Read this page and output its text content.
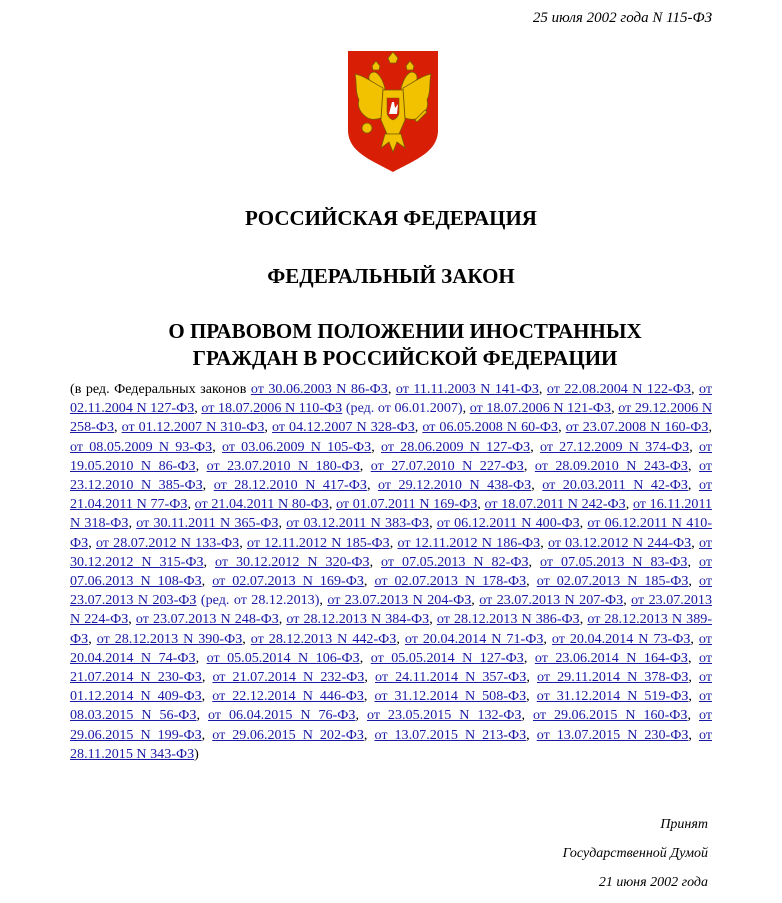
25 июля 2002 года N 115-ФЗ
РОССИЙСКАЯ ФЕДЕРАЦИЯ
ФЕДЕРАЛЬНЫЙ ЗАКОН
О ПРАВОВОМ ПОЛОЖЕНИИ ИНОСТРАННЫХ
ГРАЖДАН В РОССИЙСКОЙ ФЕДЕРАЦИИ
(в ред. Федеральных законов от 30.06.2003 N 86-ФЗ, от 11.11.2003 N 141-ФЗ, от 22.08.2004 N 122-ФЗ, от 02.11.2004 N 127-ФЗ, от 18.07.2006 N 110-ФЗ (ред. от 06.01.2007), от 18.07.2006 N 121-ФЗ, от 29.12.2006 N 258-ФЗ, от 01.12.2007 N 310-ФЗ, от 04.12.2007 N 328-ФЗ, от 06.05.2008 N 60-ФЗ, от 23.07.2008 N 160-ФЗ, от 08.05.2009 N 93-ФЗ, от 03.06.2009 N 105-ФЗ, от 28.06.2009 N 127-ФЗ, от 27.12.2009 N 374-ФЗ, от 19.05.2010 N 86-ФЗ, от 23.07.2010 N 180-ФЗ, от 27.07.2010 N 227-ФЗ, от 28.09.2010 N 243-ФЗ, от 23.12.2010 N 385-ФЗ, от 28.12.2010 N 417-ФЗ, от 29.12.2010 N 438-ФЗ, от 20.03.2011 N 42-ФЗ, от 21.04.2011 N 77-ФЗ, от 21.04.2011 N 80-ФЗ, от 01.07.2011 N 169-ФЗ, от 18.07.2011 N 242-ФЗ, от 16.11.2011 N 318-ФЗ, от 30.11.2011 N 365-ФЗ, от 03.12.2011 N 383-ФЗ, от 06.12.2011 N 400-ФЗ, от 06.12.2011 N 410-ФЗ, от 28.07.2012 N 133-ФЗ, от 12.11.2012 N 185-ФЗ, от 12.11.2012 N 186-ФЗ, от 03.12.2012 N 244-ФЗ, от 30.12.2012 N 315-ФЗ, от 30.12.2012 N 320-ФЗ, от 07.05.2013 N 82-ФЗ, от 07.05.2013 N 83-ФЗ, от 07.06.2013 N 108-ФЗ, от 02.07.2013 N 169-ФЗ, от 02.07.2013 N 178-ФЗ, от 02.07.2013 N 185-ФЗ, от 23.07.2013 N 203-ФЗ (ред. от 28.12.2013), от 23.07.2013 N 204-ФЗ, от 23.07.2013 N 207-ФЗ, от 23.07.2013 N 224-ФЗ, от 23.07.2013 N 248-ФЗ, от 28.12.2013 N 384-ФЗ, от 28.12.2013 N 386-ФЗ, от 28.12.2013 N 389-ФЗ, от 28.12.2013 N 390-ФЗ, от 28.12.2013 N 442-ФЗ, от 20.04.2014 N 71-ФЗ, от 20.04.2014 N 73-ФЗ, от 20.04.2014 N 74-ФЗ, от 05.05.2014 N 106-ФЗ, от 05.05.2014 N 127-ФЗ, от 23.06.2014 N 164-ФЗ, от 21.07.2014 N 230-ФЗ, от 21.07.2014 N 232-ФЗ, от 24.11.2014 N 357-ФЗ, от 29.11.2014 N 378-ФЗ, от 01.12.2014 N 409-ФЗ, от 22.12.2014 N 446-ФЗ, от 31.12.2014 N 508-ФЗ, от 31.12.2014 N 519-ФЗ, от 08.03.2015 N 56-ФЗ, от 06.04.2015 N 76-ФЗ, от 23.05.2015 N 132-ФЗ, от 29.06.2015 N 160-ФЗ, от 29.06.2015 N 199-ФЗ, от 29.06.2015 N 202-ФЗ, от 13.07.2015 N 213-ФЗ, от 13.07.2015 N 230-ФЗ, от 28.11.2015 N 343-ФЗ)
Принят
Государственной Думой
21 июня 2002 года
